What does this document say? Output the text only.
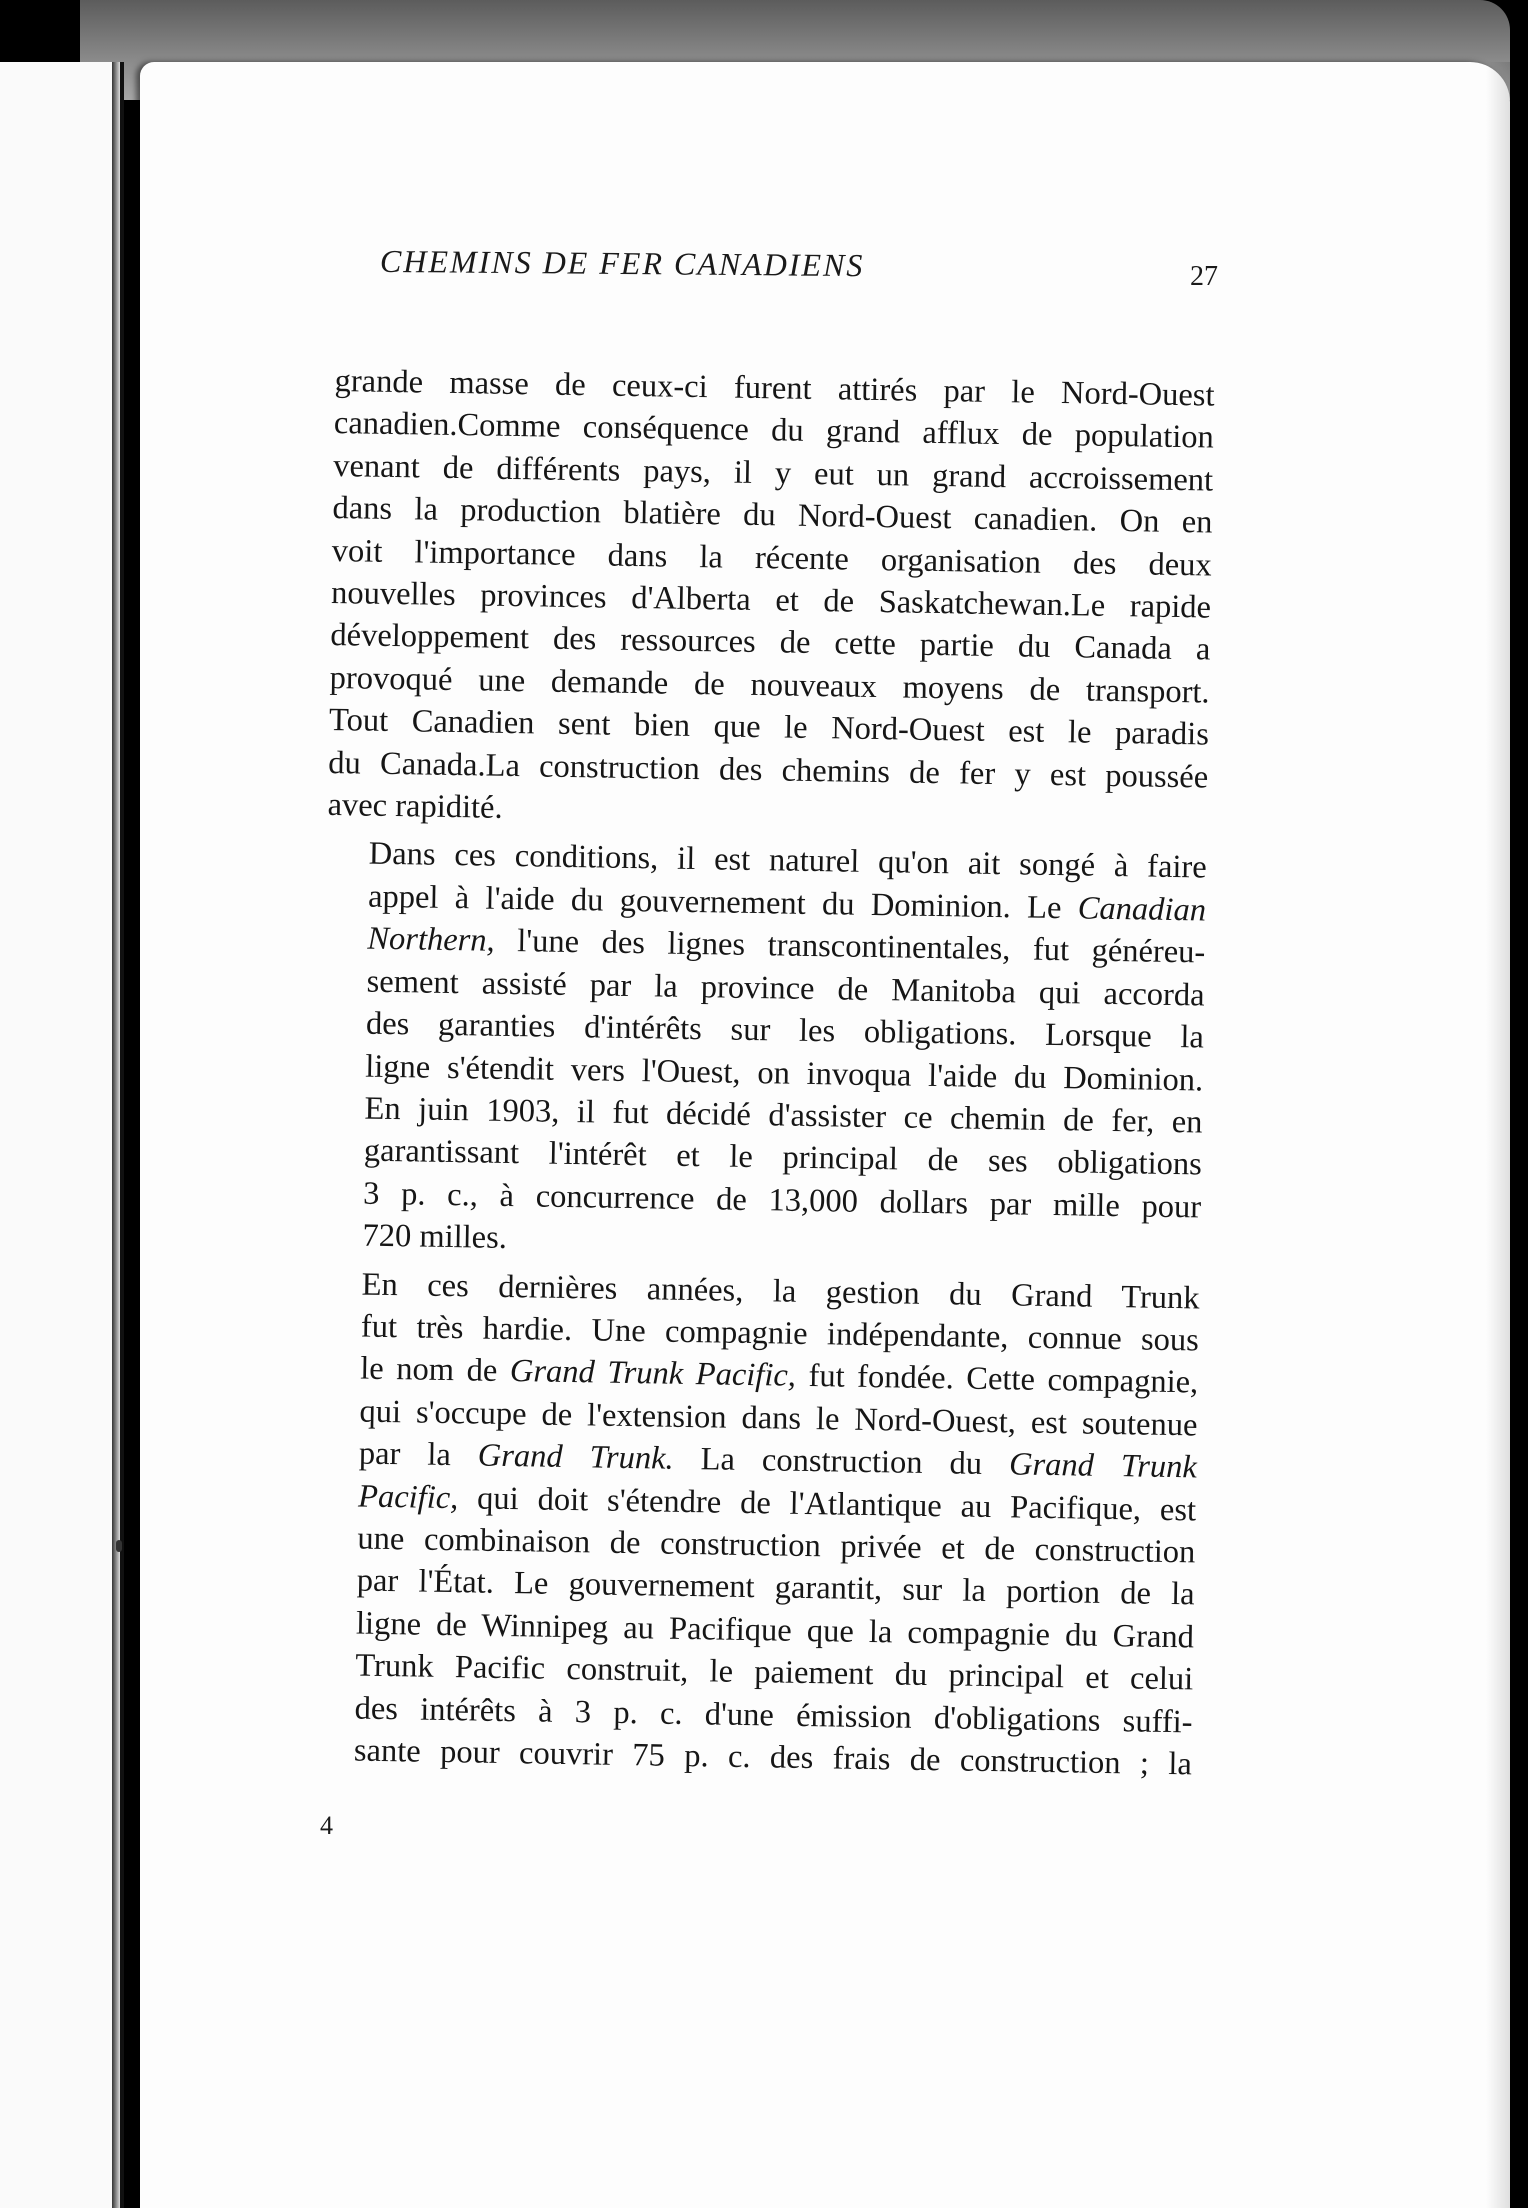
CHEMINS DE FER CANADIENS	27

grande masse de ceux-ci furent attirés par le Nord-Ouest
canadien.Comme conséquence du grand afflux de population
venant de différents pays, il y eut un grand accroissement
dans la production blatière du Nord-Ouest canadien. On en
voit l'importance dans la récente organisation des deux
nouvelles provinces d'Alberta et de Saskatchewan.Le rapide
développement des ressources de cette partie du Canada a
provoqué une demande de nouveaux moyens de transport.
Tout Canadien sent bien que le Nord-Ouest est le paradis
du Canada.La construction des chemins de fer y est poussée
avec rapidité.

Dans ces conditions, il est naturel qu'on ait songé à faire
appel à l'aide du gouvernement du Dominion. Le Canadian
Northern, l'une des lignes transcontinentales, fut généreu-
sement assisté par la province de Manitoba qui accorda
des garanties d'intérêts sur les obligations. Lorsque la
ligne s'étendit vers l'Ouest, on invoqua l'aide du Dominion.
En juin 1903, il fut décidé d'assister ce chemin de fer, en
garantissant l'intérêt et le principal de ses obligations
3 p. c., à concurrence de 13,000 dollars par mille pour
720 milles.

En ces dernières années, la gestion du Grand Trunk
fut très hardie. Une compagnie indépendante, connue sous
le nom de Grand Trunk Pacific, fut fondée. Cette compagnie,
qui s'occupe de l'extension dans le Nord-Ouest, est soutenue
par la Grand Trunk. La construction du Grand Trunk
Pacific, qui doit s'étendre de l'Atlantique au Pacifique, est
une combinaison de construction privée et de construction
par l'État. Le gouvernement garantit, sur la portion de la
ligne de Winnipeg au Pacifique que la compagnie du Grand
Trunk Pacific construit, le paiement du principal et celui
des intérêts à 3 p. c. d'une émission d'obligations suffi-
sante pour couvrir 75 p. c. des frais de construction ; la

4
